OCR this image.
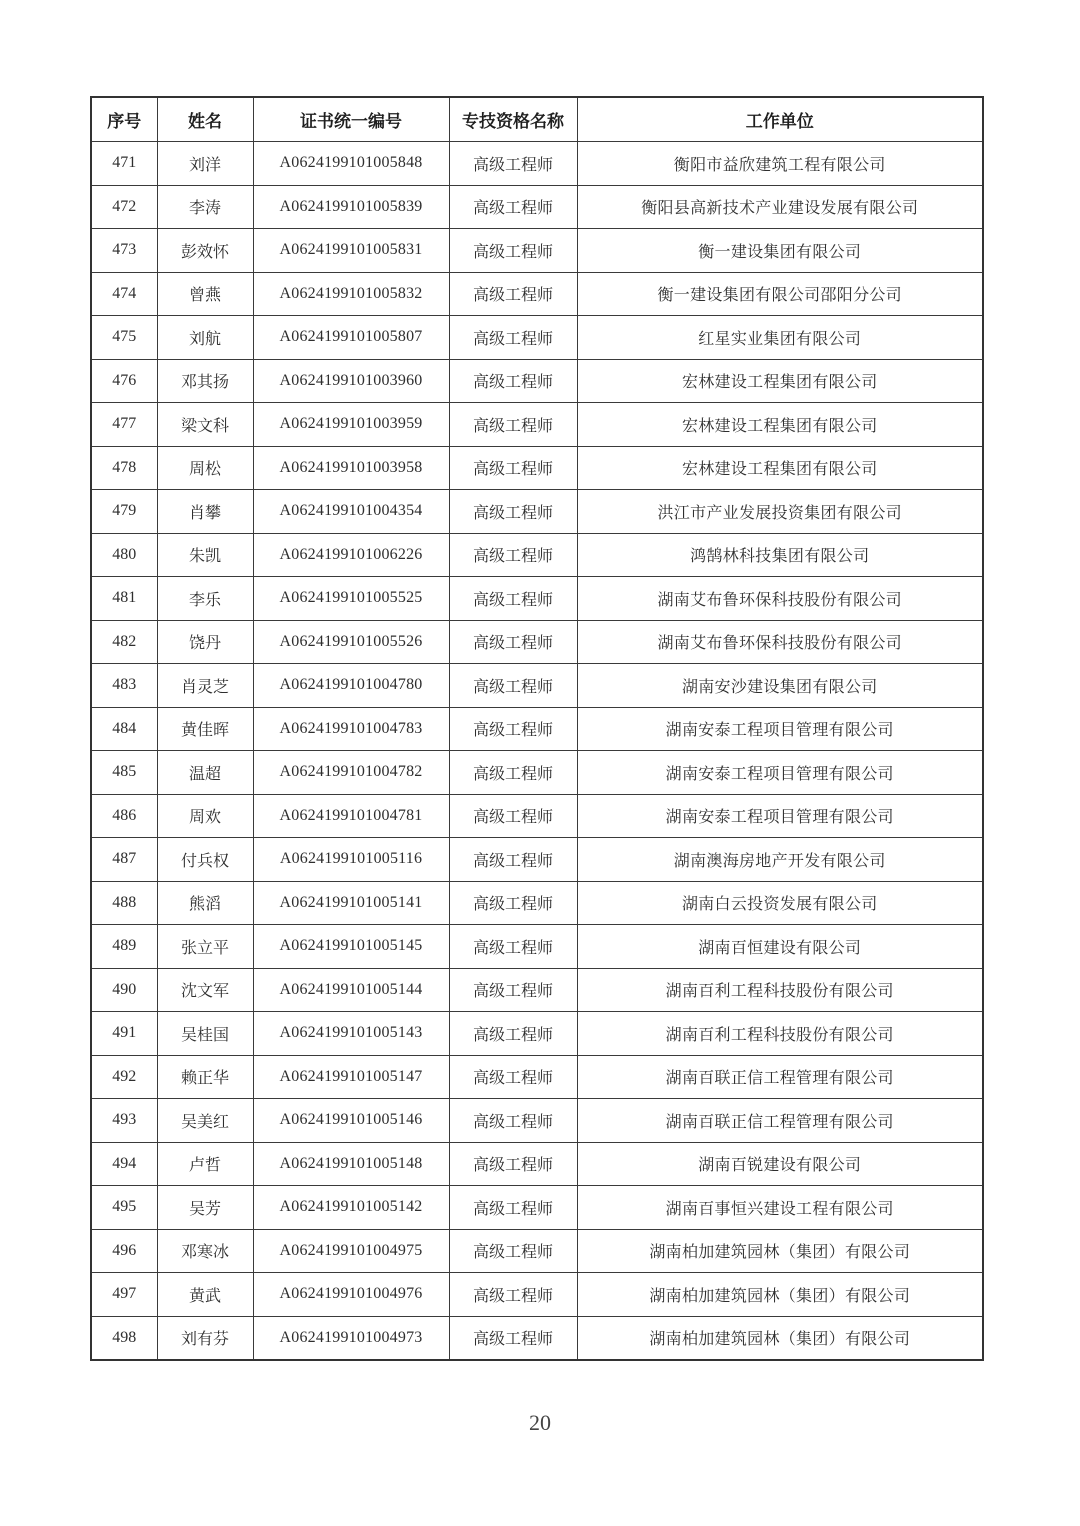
序号	姓名	证书统一编号	专技资格名称	工作单位
471	刘洋	A0624199101005848	高级工程师	衡阳市益欣建筑工程有限公司
472	李涛	A0624199101005839	高级工程师	衡阳县高新技术产业建设发展有限公司
473	彭效怀	A0624199101005831	高级工程师	衡一建设集团有限公司
474	曾燕	A0624199101005832	高级工程师	衡一建设集团有限公司邵阳分公司
475	刘航	A0624199101005807	高级工程师	红星实业集团有限公司
476	邓其扬	A0624199101003960	高级工程师	宏林建设工程集团有限公司
477	梁文科	A0624199101003959	高级工程师	宏林建设工程集团有限公司
478	周松	A0624199101003958	高级工程师	宏林建设工程集团有限公司
479	肖攀	A0624199101004354	高级工程师	洪江市产业发展投资集团有限公司
480	朱凯	A0624199101006226	高级工程师	鸿鹄林科技集团有限公司
481	李乐	A0624199101005525	高级工程师	湖南艾布鲁环保科技股份有限公司
482	饶丹	A0624199101005526	高级工程师	湖南艾布鲁环保科技股份有限公司
483	肖灵芝	A0624199101004780	高级工程师	湖南安沙建设集团有限公司
484	黄佳晖	A0624199101004783	高级工程师	湖南安泰工程项目管理有限公司
485	温超	A0624199101004782	高级工程师	湖南安泰工程项目管理有限公司
486	周欢	A0624199101004781	高级工程师	湖南安泰工程项目管理有限公司
487	付兵权	A0624199101005116	高级工程师	湖南澳海房地产开发有限公司
488	熊滔	A0624199101005141	高级工程师	湖南白云投资发展有限公司
489	张立平	A0624199101005145	高级工程师	湖南百恒建设有限公司
490	沈文军	A0624199101005144	高级工程师	湖南百利工程科技股份有限公司
491	吴桂国	A0624199101005143	高级工程师	湖南百利工程科技股份有限公司
492	赖正华	A0624199101005147	高级工程师	湖南百联正信工程管理有限公司
493	吴美红	A0624199101005146	高级工程师	湖南百联正信工程管理有限公司
494	卢哲	A0624199101005148	高级工程师	湖南百锐建设有限公司
495	吴芳	A0624199101005142	高级工程师	湖南百事恒兴建设工程有限公司
496	邓寒冰	A0624199101004975	高级工程师	湖南柏加建筑园林（集团）有限公司
497	黄武	A0624199101004976	高级工程师	湖南柏加建筑园林（集团）有限公司
498	刘有芬	A0624199101004973	高级工程师	湖南柏加建筑园林（集团）有限公司
20
